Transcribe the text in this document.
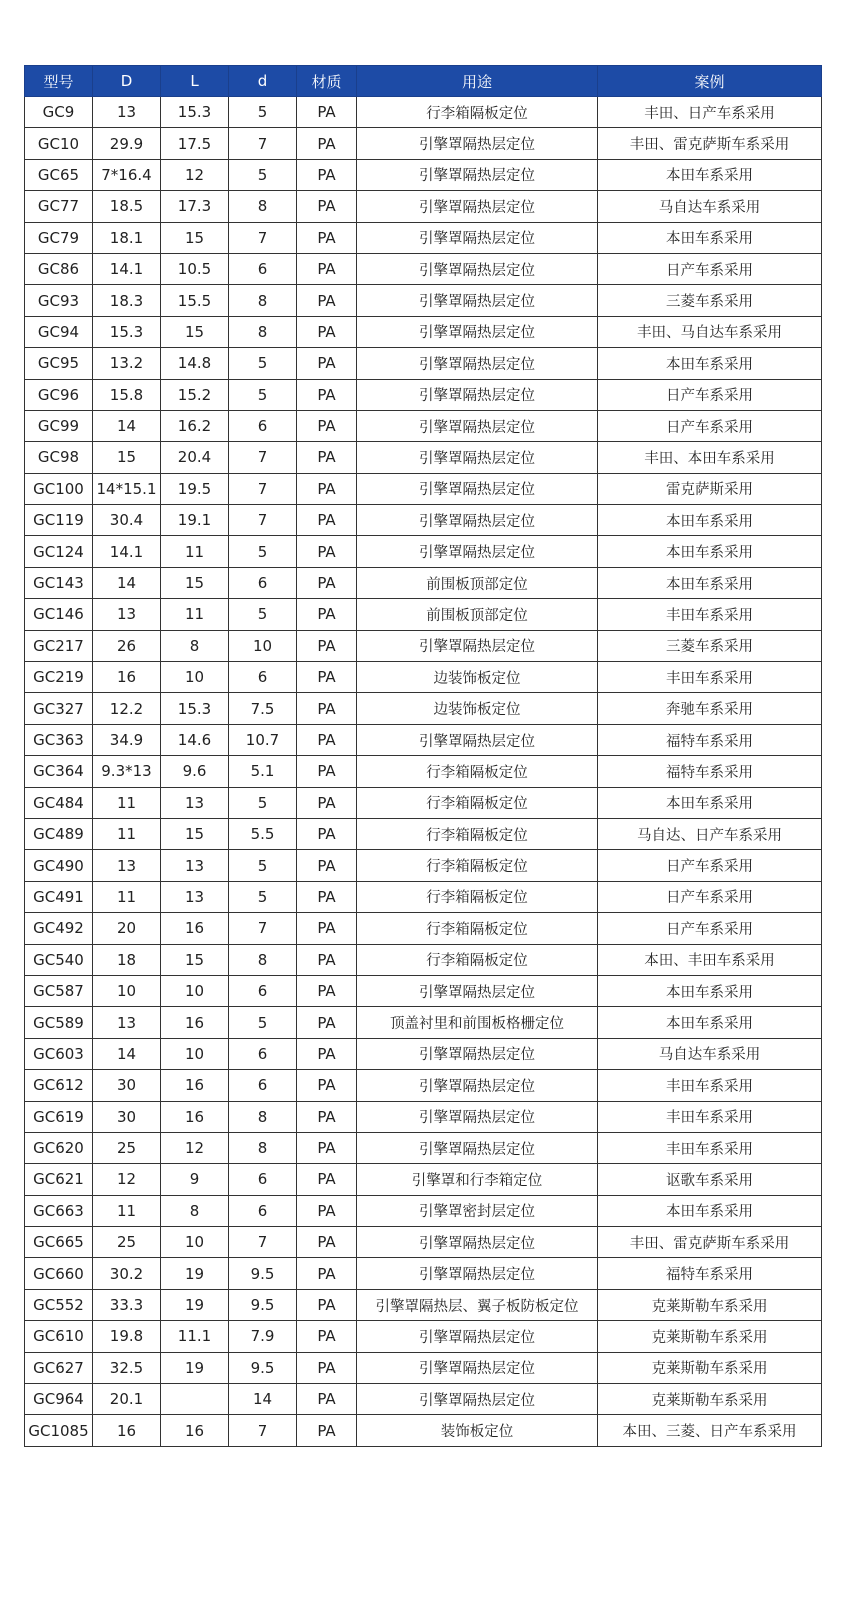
型号	D	L	d	材质	用途	案例
GC9	13	15.3	5	PA	行李箱隔板定位	丰田、日产车系采用
GC10	29.9	17.5	7	PA	引擎罩隔热层定位	丰田、雷克萨斯车系采用
GC65	7*16.4	12	5	PA	引擎罩隔热层定位	本田车系采用
GC77	18.5	17.3	8	PA	引擎罩隔热层定位	马自达车系采用
GC79	18.1	15	7	PA	引擎罩隔热层定位	本田车系采用
GC86	14.1	10.5	6	PA	引擎罩隔热层定位	日产车系采用
GC93	18.3	15.5	8	PA	引擎罩隔热层定位	三菱车系采用
GC94	15.3	15	8	PA	引擎罩隔热层定位	丰田、马自达车系采用
GC95	13.2	14.8	5	PA	引擎罩隔热层定位	本田车系采用
GC96	15.8	15.2	5	PA	引擎罩隔热层定位	日产车系采用
GC99	14	16.2	6	PA	引擎罩隔热层定位	日产车系采用
GC98	15	20.4	7	PA	引擎罩隔热层定位	丰田、本田车系采用
GC100	14*15.1	19.5	7	PA	引擎罩隔热层定位	雷克萨斯采用
GC119	30.4	19.1	7	PA	引擎罩隔热层定位	本田车系采用
GC124	14.1	11	5	PA	引擎罩隔热层定位	本田车系采用
GC143	14	15	6	PA	前围板顶部定位	本田车系采用
GC146	13	11	5	PA	前围板顶部定位	丰田车系采用
GC217	26	8	10	PA	引擎罩隔热层定位	三菱车系采用
GC219	16	10	6	PA	边装饰板定位	丰田车系采用
GC327	12.2	15.3	7.5	PA	边装饰板定位	奔驰车系采用
GC363	34.9	14.6	10.7	PA	引擎罩隔热层定位	福特车系采用
GC364	9.3*13	9.6	5.1	PA	行李箱隔板定位	福特车系采用
GC484	11	13	5	PA	行李箱隔板定位	本田车系采用
GC489	11	15	5.5	PA	行李箱隔板定位	马自达、日产车系采用
GC490	13	13	5	PA	行李箱隔板定位	日产车系采用
GC491	11	13	5	PA	行李箱隔板定位	日产车系采用
GC492	20	16	7	PA	行李箱隔板定位	日产车系采用
GC540	18	15	8	PA	行李箱隔板定位	本田、丰田车系采用
GC587	10	10	6	PA	引擎罩隔热层定位	本田车系采用
GC589	13	16	5	PA	顶盖衬里和前围板格栅定位	本田车系采用
GC603	14	10	6	PA	引擎罩隔热层定位	马自达车系采用
GC612	30	16	6	PA	引擎罩隔热层定位	丰田车系采用
GC619	30	16	8	PA	引擎罩隔热层定位	丰田车系采用
GC620	25	12	8	PA	引擎罩隔热层定位	丰田车系采用
GC621	12	9	6	PA	引擎罩和行李箱定位	讴歌车系采用
GC663	11	8	6	PA	引擎罩密封层定位	本田车系采用
GC665	25	10	7	PA	引擎罩隔热层定位	丰田、雷克萨斯车系采用
GC660	30.2	19	9.5	PA	引擎罩隔热层定位	福特车系采用
GC552	33.3	19	9.5	PA	引擎罩隔热层、翼子板防板定位	克莱斯勒车系采用
GC610	19.8	11.1	7.9	PA	引擎罩隔热层定位	克莱斯勒车系采用
GC627	32.5	19	9.5	PA	引擎罩隔热层定位	克莱斯勒车系采用
GC964	20.1		14	PA	引擎罩隔热层定位	克莱斯勒车系采用
GC1085	16	16	7	PA	装饰板定位	本田、三菱、日产车系采用
